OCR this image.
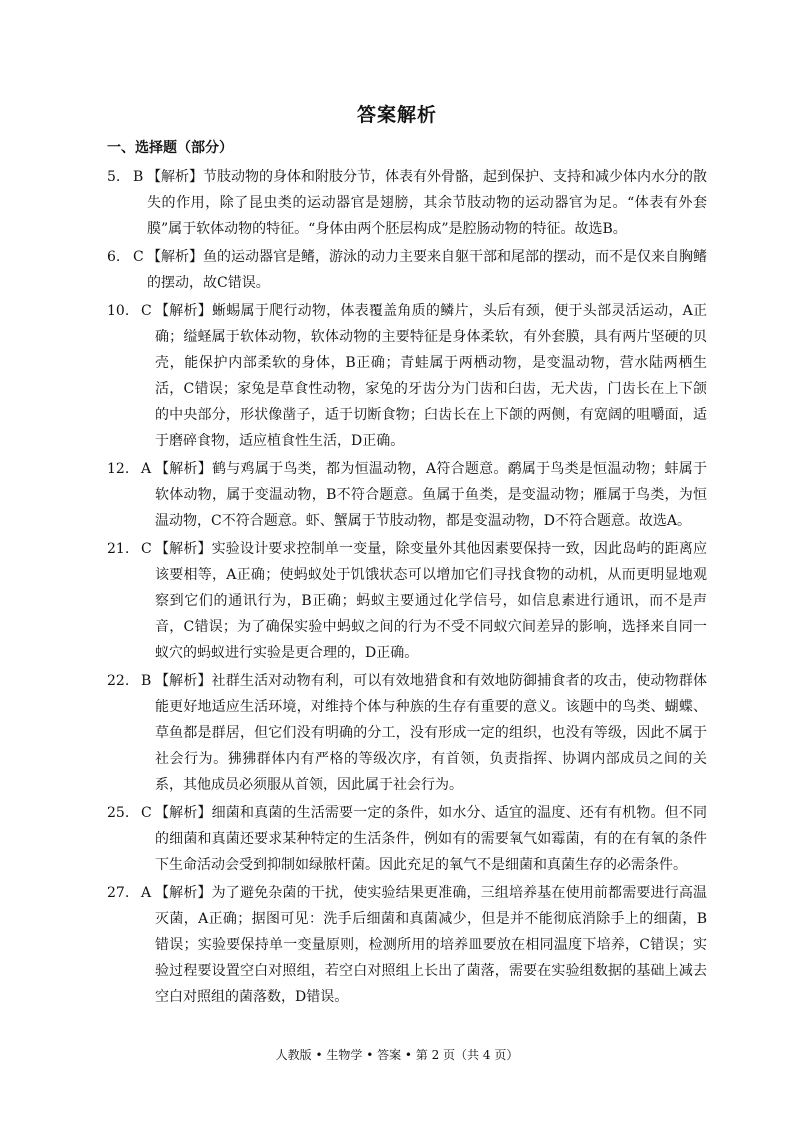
答案解析
一、选择题（部分）
5. B 【解析】节肢动物的身体和附肢分节，体表有外骨骼，起到保护、支持和减少体内水分的散失的作用，除了昆虫类的运动器官是翅膀，其余节肢动物的运动器官为足。“体表有外套膜”属于软体动物的特征。“身体由两个胚层构成”是腔肠动物的特征。故选B。
6. C 【解析】鱼的运动器官是鳍，游泳的动力主要来自躯干部和尾部的摆动，而不是仅来自胸鳍的摆动，故C错误。
10. C 【解析】蜥蜴属于爬行动物，体表覆盖角质的鳞片，头后有颈，便于头部灵活运动，A正确；缢蛏属于软体动物，软体动物的主要特征是身体柔软，有外套膜，具有两片坚硬的贝壳，能保护内部柔软的身体，B正确；青蛙属于两栖动物，是变温动物，营水陆两栖生活，C错误；家兔是草食性动物，家兔的牙齿分为门齿和臼齿，无犬齿，门齿长在上下颌的中央部分，形状像凿子，适于切断食物；臼齿长在上下颌的两侧，有宽阔的咀嚼面，适于磨碎食物，适应植食性生活，D正确。
12. A 【解析】鹤与鸡属于鸟类，都为恒温动物，A符合题意。鹬属于鸟类是恒温动物；蚌属于软体动物，属于变温动物，B不符合题意。鱼属于鱼类，是变温动物；雁属于鸟类，为恒温动物，C不符合题意。虾、蟹属于节肢动物，都是变温动物，D不符合题意。故选A。
21. C 【解析】实验设计要求控制单一变量，除变量外其他因素要保持一致，因此岛屿的距离应该要相等，A正确；使蚂蚁处于饥饿状态可以增加它们寻找食物的动机，从而更明显地观察到它们的通讯行为，B正确；蚂蚁主要通过化学信号，如信息素进行通讯，而不是声音，C错误；为了确保实验中蚂蚁之间的行为不受不同蚁穴间差异的影响，选择来自同一蚁穴的蚂蚁进行实验是更合理的，D正确。
22. B 【解析】社群生活对动物有利，可以有效地猎食和有效地防御捕食者的攻击，使动物群体能更好地适应生活环境，对维持个体与种族的生存有重要的意义。该题中的鸟类、蝴蝶、草鱼都是群居，但它们没有明确的分工，没有形成一定的组织，也没有等级，因此不属于社会行为。狒狒群体内有严格的等级次序，有首领，负责指挥、协调内部成员之间的关系，其他成员必须服从首领，因此属于社会行为。
25. C 【解析】细菌和真菌的生活需要一定的条件，如水分、适宜的温度、还有有机物。但不同的细菌和真菌还要求某种特定的生活条件，例如有的需要氧气如霉菌，有的在有氧的条件下生命活动会受到抑制如绿脓杆菌。因此充足的氧气不是细菌和真菌生存的必需条件。
27. A 【解析】为了避免杂菌的干扰，使实验结果更准确，三组培养基在使用前都需要进行高温灭菌，A正确；据图可见：洗手后细菌和真菌减少，但是并不能彻底消除手上的细菌，B错误；实验要保持单一变量原则，检测所用的培养皿要放在相同温度下培养，C错误；实验过程要设置空白对照组，若空白对照组上长出了菌落，需要在实验组数据的基础上减去空白对照组的菌落数，D错误。
人教版 • 生物学 • 答案 • 第 2 页（共 4 页）
